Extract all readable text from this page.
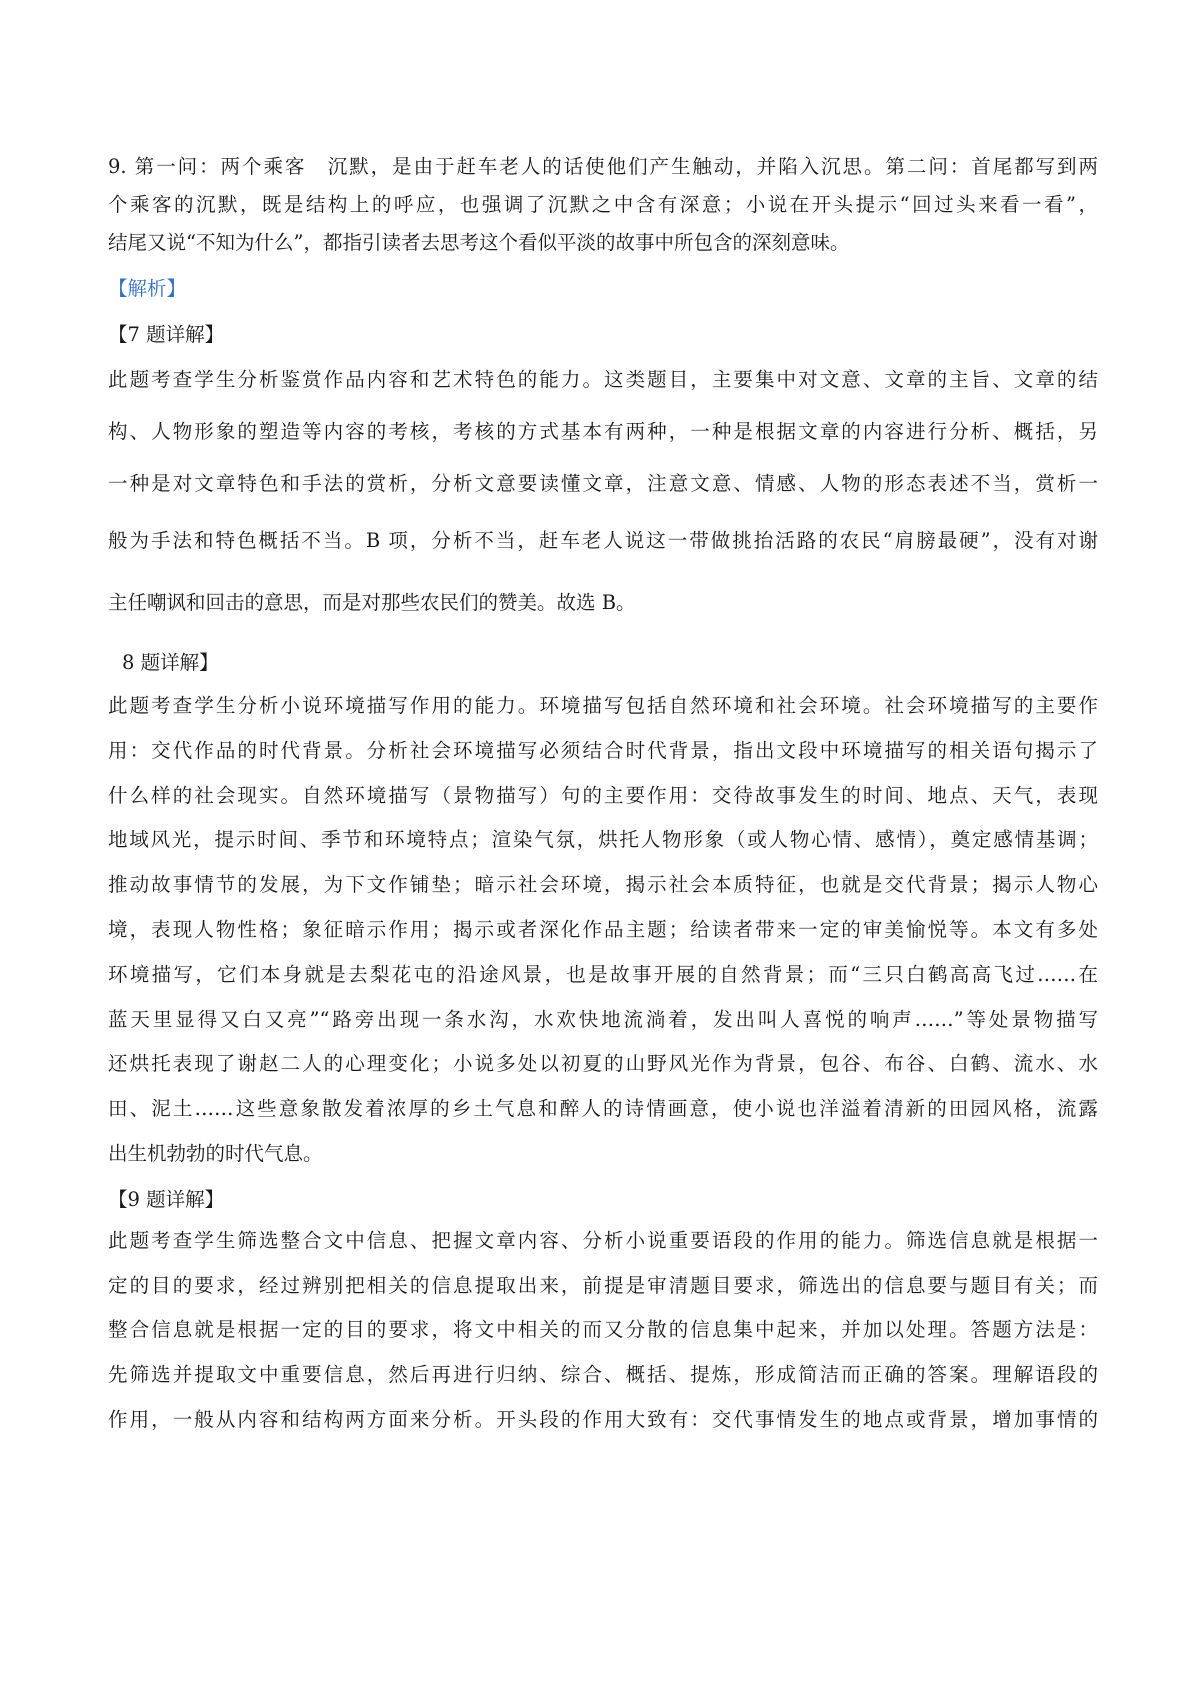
9. 第一问：两个乘客　沉默，是由于赶车老人的话使他们产生触动，并陷入沉思。第二问：首尾都写到两
个乘客的沉默，既是结构上的呼应，也强调了沉默之中含有深意；小说在开头提示“回过头来看一看”，
结尾又说“不知为什么”，都指引读者去思考这个看似平淡的故事中所包含的深刻意味。
【解析】
【7 题详解】
此题考查学生分析鉴赏作品内容和艺术特色的能力。这类题目，主要集中对文意、文章的主旨、文章的结
构、人物形象的塑造等内容的考核，考核的方式基本有两种，一种是根据文章的内容进行分析、概括，另
一种是对文章特色和手法的赏析，分析文意要读懂文章，注意文意、情感、人物的形态表述不当，赏析一
般为手法和特色概括不当。B 项，分析不当，赶车老人说这一带做挑抬活路的农民“肩膀最硬”，没有对谢
主任嘲讽和回击的意思，而是对那些农民们的赞美。故选 B。
8 题详解】
此题考查学生分析小说环境描写作用的能力。环境描写包括自然环境和社会环境。社会环境描写的主要作
用：交代作品的时代背景。分析社会环境描写必须结合时代背景，指出文段中环境描写的相关语句揭示了
什么样的社会现实。自然环境描写（景物描写）句的主要作用：交待故事发生的时间、地点、天气，表现
地域风光，提示时间、季节和环境特点；渲染气氛，烘托人物形象（或人物心情、感情），奠定感情基调；
推动故事情节的发展，为下文作铺垫；暗示社会环境，揭示社会本质特征，也就是交代背景；揭示人物心
境，表现人物性格；象征暗示作用；揭示或者深化作品主题；给读者带来一定的审美愉悦等。本文有多处
环境描写，它们本身就是去梨花屯的沿途风景，也是故事开展的自然背景；而“三只白鹤高高飞过……在
蓝天里显得又白又亮”“路旁出现一条水沟，水欢快地流淌着，发出叫人喜悦的响声……”等处景物描写
还烘托表现了谢赵二人的心理变化；小说多处以初夏的山野风光作为背景，包谷、布谷、白鹤、流水、水
田、泥土……这些意象散发着浓厚的乡土气息和醉人的诗情画意，使小说也洋溢着清新的田园风格，流露
出生机勃勃的时代气息。
【9 题详解】
此题考查学生筛选整合文中信息、把握文章内容、分析小说重要语段的作用的能力。筛选信息就是根据一
定的目的要求，经过辨别把相关的信息提取出来，前提是审清题目要求，筛选出的信息要与题目有关；而
整合信息就是根据一定的目的要求，将文中相关的而又分散的信息集中起来，并加以处理。答题方法是：
先筛选并提取文中重要信息，然后再进行归纳、综合、概括、提炼，形成简洁而正确的答案。理解语段的
作用，一般从内容和结构两方面来分析。开头段的作用大致有：交代事情发生的地点或背景，增加事情的
